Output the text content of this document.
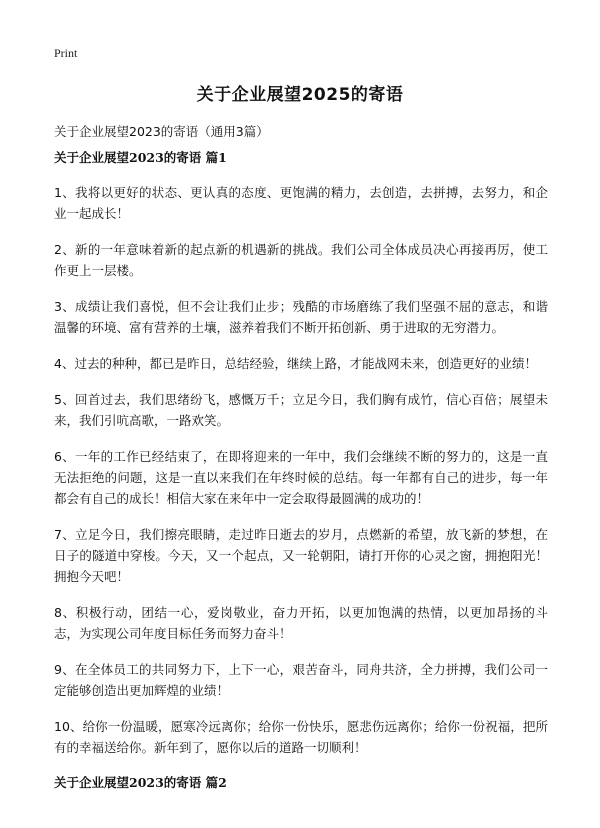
Print
关于企业展望2025的寄语

关于企业展望2023的寄语（通用3篇）

关于企业展望2023的寄语 篇1

1、我将以更好的状态、更认真的态度、更饱满的精力，去创造，去拼搏，去努力，和企业一起成长！

2、新的一年意味着新的起点新的机遇新的挑战。我们公司全体成员决心再接再厉，使工作更上一层楼。

3、成绩让我们喜悦，但不会让我们止步；残酷的市场磨练了我们坚强不屈的意志，和谐温馨的环境、富有营养的土壤，滋养着我们不断开拓创新、勇于进取的无穷潜力。

4、过去的种种，都已是昨日，总结经验，继续上路，才能战网未来，创造更好的业绩！

5、回首过去，我们思绪纷飞，感慨万千；立足今日，我们胸有成竹，信心百倍；展望未来，我们引吭高歌，一路欢笑。

6、一年的工作已经结束了，在即将迎来的一年中，我们会继续不断的努力的，这是一直无法拒绝的问题，这是一直以来我们在年终时候的总结。每一年都有自己的进步，每一年都会有自己的成长！相信大家在来年中一定会取得最圆满的成功的！

7、立足今日，我们擦亮眼睛，走过昨日逝去的岁月，点燃新的希望，放飞新的梦想，在日子的隧道中穿梭。今天，又一个起点，又一轮朝阳，请打开你的心灵之窗，拥抱阳光！拥抱今天吧！

8、积极行动，团结一心，爱岗敬业，奋力开拓，以更加饱满的热情，以更加昂扬的斗志，为实现公司年度目标任务而努力奋斗！

9、在全体员工的共同努力下，上下一心，艰苦奋斗，同舟共济，全力拼搏，我们公司一定能够创造出更加辉煌的业绩！

10、给你一份温暖，愿寒冷远离你；给你一份快乐，愿悲伤远离你；给你一份祝福，把所有的幸福送给你。新年到了，愿你以后的道路一切顺利！

关于企业展望2023的寄语 篇2
